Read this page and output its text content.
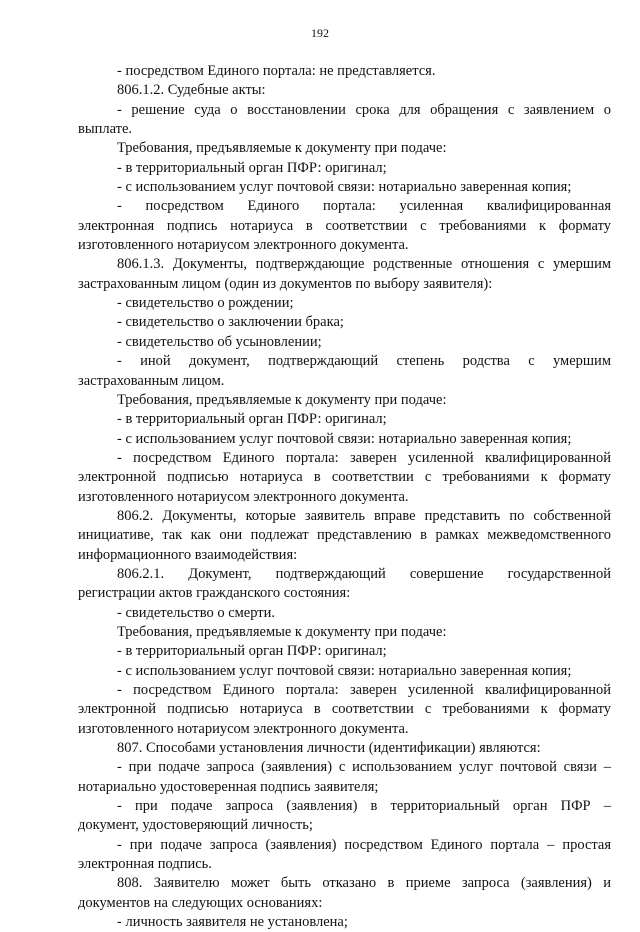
192
- посредством Единого портала: не представляется.
806.1.2. Судебные акты:
- решение суда о восстановлении срока для обращения с заявлением о
выплате.
Требования, предъявляемые к документу при подаче:
- в территориальный орган ПФР: оригинал;
- с использованием услуг почтовой связи: нотариально заверенная копия;
- посредством Единого портала: усиленная квалифицированная
электронная подпись нотариуса в соответствии с требованиями к формату
изготовленного нотариусом электронного документа.
806.1.3. Документы, подтверждающие родственные отношения с умершим
застрахованным лицом (один из документов по выбору заявителя):
- свидетельство о рождении;
- свидетельство о заключении брака;
- свидетельство об усыновлении;
- иной документ, подтверждающий степень родства с умершим
застрахованным лицом.
Требования, предъявляемые к документу при подаче:
- в территориальный орган ПФР: оригинал;
- с использованием услуг почтовой связи: нотариально заверенная копия;
- посредством Единого портала: заверен усиленной квалифицированной
электронной подписью нотариуса в соответствии с требованиями к формату
изготовленного нотариусом электронного документа.
806.2. Документы, которые заявитель вправе представить по собственной
инициативе, так как они подлежат представлению в рамках межведомственного
информационного взаимодействия:
806.2.1. Документ, подтверждающий совершение государственной
регистрации актов гражданского состояния:
- свидетельство о смерти.
Требования, предъявляемые к документу при подаче:
- в территориальный орган ПФР: оригинал;
- с использованием услуг почтовой связи: нотариально заверенная копия;
- посредством Единого портала: заверен усиленной квалифицированной
электронной подписью нотариуса в соответствии с требованиями к формату
изготовленного нотариусом электронного документа.
807. Способами установления личности (идентификации) являются:
- при подаче запроса (заявления) с использованием услуг почтовой связи –
нотариально удостоверенная подпись заявителя;
- при подаче запроса (заявления) в территориальный орган ПФР –
документ, удостоверяющий личность;
- при подаче запроса (заявления) посредством Единого портала – простая
электронная подпись.
808. Заявителю может быть отказано в приеме запроса (заявления) и
документов на следующих основаниях:
- личность заявителя не установлена;
